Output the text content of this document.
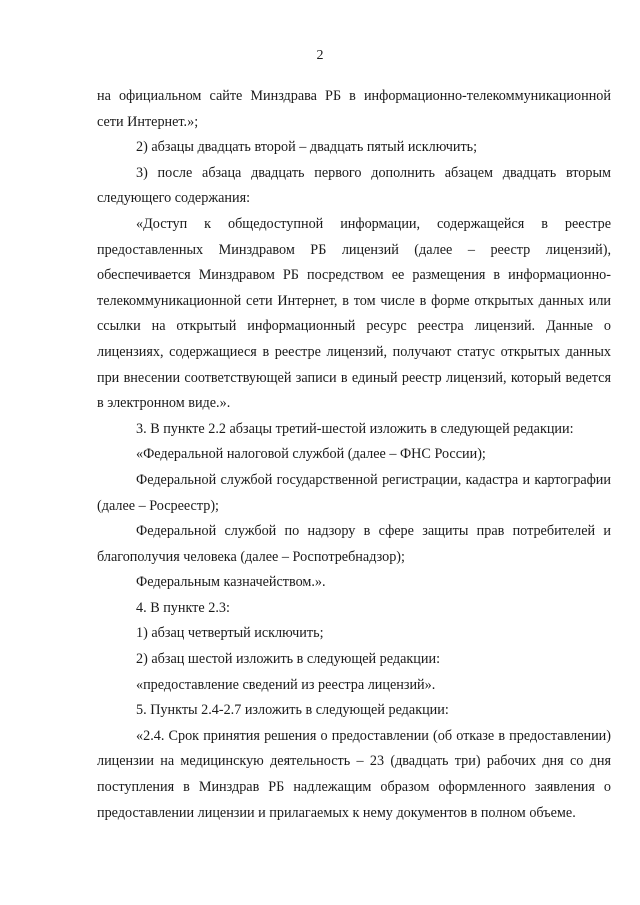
2

на официальном сайте Минздрава РБ в информационно-телекоммуникационной сети Интернет.»;

2) абзацы двадцать второй – двадцать пятый исключить;

3) после абзаца двадцать первого дополнить абзацем двадцать вторым следующего содержания:

«Доступ к общедоступной информации, содержащейся в реестре предоставленных Минздравом РБ лицензий (далее – реестр лицензий), обеспечивается Минздравом РБ посредством ее размещения в информационно-телекоммуникационной сети Интернет, в том числе в форме открытых данных или ссылки на открытый информационный ресурс реестра лицензий. Данные о лицензиях, содержащиеся в реестре лицензий, получают статус открытых данных при внесении соответствующей записи в единый реестр лицензий, который ведется в электронном виде.».

3. В пункте 2.2 абзацы третий-шестой изложить в следующей редакции:

«Федеральной налоговой службой (далее – ФНС России);

Федеральной службой государственной регистрации, кадастра и картографии (далее – Росреестр);

Федеральной службой по надзору в сфере защиты прав потребителей и благополучия человека (далее – Роспотребнадзор);

Федеральным казначейством.».

4. В пункте 2.3:

1) абзац четвертый исключить;

2) абзац шестой изложить в следующей редакции:

«предоставление сведений из реестра лицензий».

5. Пункты 2.4-2.7 изложить в следующей редакции:

«2.4. Срок принятия решения о предоставлении (об отказе в предоставлении) лицензии на медицинскую деятельность – 23 (двадцать три) рабочих дня со дня поступления в Минздрав РБ надлежащим образом оформленного заявления о предоставлении лицензии и прилагаемых к нему документов в полном объеме.
